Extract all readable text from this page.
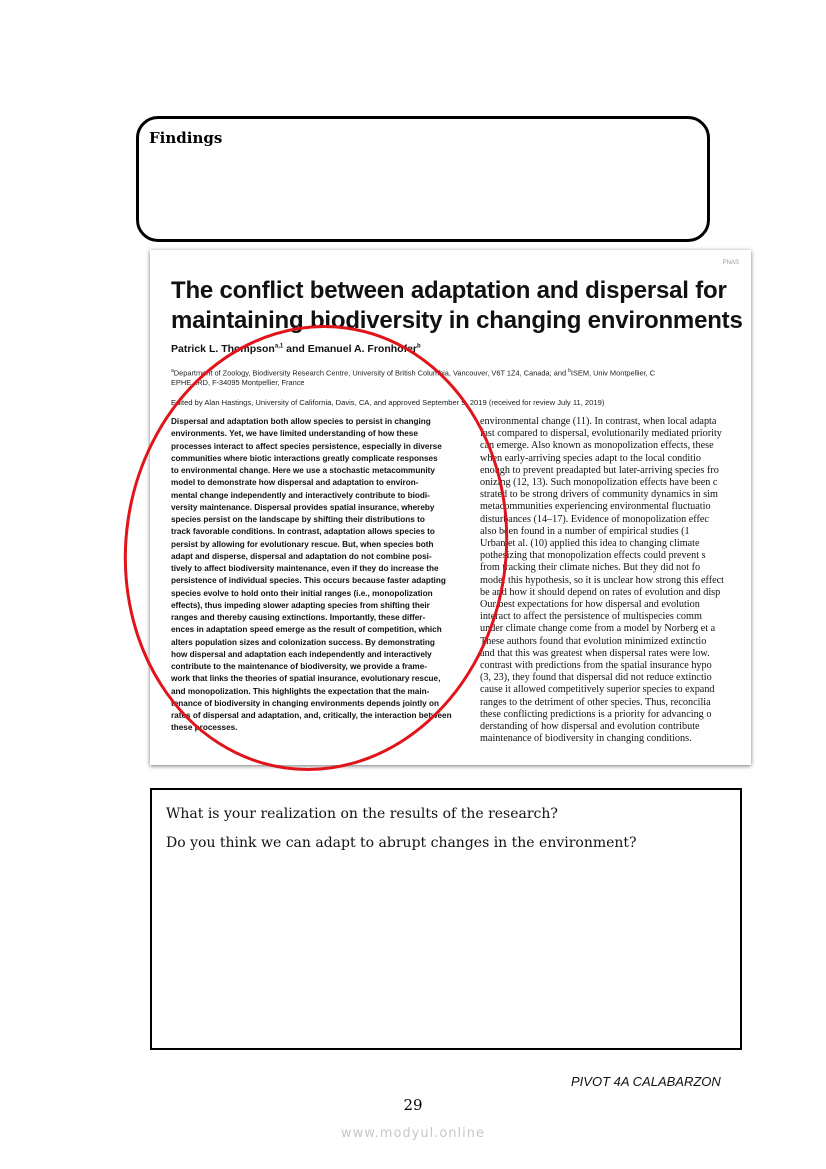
Findings
PNAS
The conflict between adaptation and dispersal for
maintaining biodiversity in changing environments
Patrick L. Thompson$^{a,1}$ and Emanuel A. Fronhofer$^b$
$^a$Department of Zoology, Biodiversity Research Centre, University of British Columbia, Vancouver, V6T 1Z4, Canada; and $^b$ISEM, Univ Montpellier, C
EPHE, IRD, F-34095 Montpellier, France
Edited by Alan Hastings, University of California, Davis, CA, and approved September 9, 2019 (received for review July 11, 2019)
Dispersal and adaptation both allow species to persist in changing
environments. Yet, we have limited understanding of how these
processes interact to affect species persistence, especially in diverse
communities where biotic interactions greatly complicate responses
to environmental change. Here we use a stochastic metacommunity
model to demonstrate how dispersal and adaptation to environ-
mental change independently and interactively contribute to biodi-
versity maintenance. Dispersal provides spatial insurance, whereby
species persist on the landscape by shifting their distributions to
track favorable conditions. In contrast, adaptation allows species to
persist by allowing for evolutionary rescue. But, when species both
adapt and disperse, dispersal and adaptation do not combine posi-
tively to affect biodiversity maintenance, even if they do increase the
persistence of individual species. This occurs because faster adapting
species evolve to hold onto their initial ranges (i.e., monopolization
effects), thus impeding slower adapting species from shifting their
ranges and thereby causing extinctions. Importantly, these differ-
ences in adaptation speed emerge as the result of competition, which
alters population sizes and colonization success. By demonstrating
how dispersal and adaptation each independently and interactively
contribute to the maintenance of biodiversity, we provide a frame-
work that links the theories of spatial insurance, evolutionary rescue,
and monopolization. This highlights the expectation that the main-
tenance of biodiversity in changing environments depends jointly on
rates of dispersal and adaptation, and, critically, the interaction between
these processes.
environmental change (11). In contrast, when local adapta
fast compared to dispersal, evolutionarily mediated priority
can emerge. Also known as monopolization effects, these
when early-arriving species adapt to the local conditio
enough to prevent preadapted but later-arriving species fro
onizing (12, 13). Such monopolization effects have been c
strated to be strong drivers of community dynamics in sim
metacommunities experiencing environmental fluctuatio
disturbances (14–17). Evidence of monopolization effec
also been found in a number of empirical studies (1
Urban et al. (10) applied this idea to changing climate
pothesizing that monopolization effects could prevent s
from tracking their climate niches. But they did not fo
model this hypothesis, so it is unclear how strong this effect
be and how it should depend on rates of evolution and disp
Our best expectations for how dispersal and evolution
interact to affect the persistence of multispecies comm
under climate change come from a model by Norberg et a
These authors found that evolution minimized extinctio
and that this was greatest when dispersal rates were low.
contrast with predictions from the spatial insurance hypo
(3, 23), they found that dispersal did not reduce extinctio
cause it allowed competitively superior species to expand
ranges to the detriment of other species. Thus, reconcilia
these conflicting predictions is a priority for advancing o
derstanding of how dispersal and evolution contribute
maintenance of biodiversity in changing conditions.
What is your realization on the results of the research?
Do you think we can adapt to abrupt changes in the environment?
PIVOT 4A CALABARZON
29
www.modyul.online
